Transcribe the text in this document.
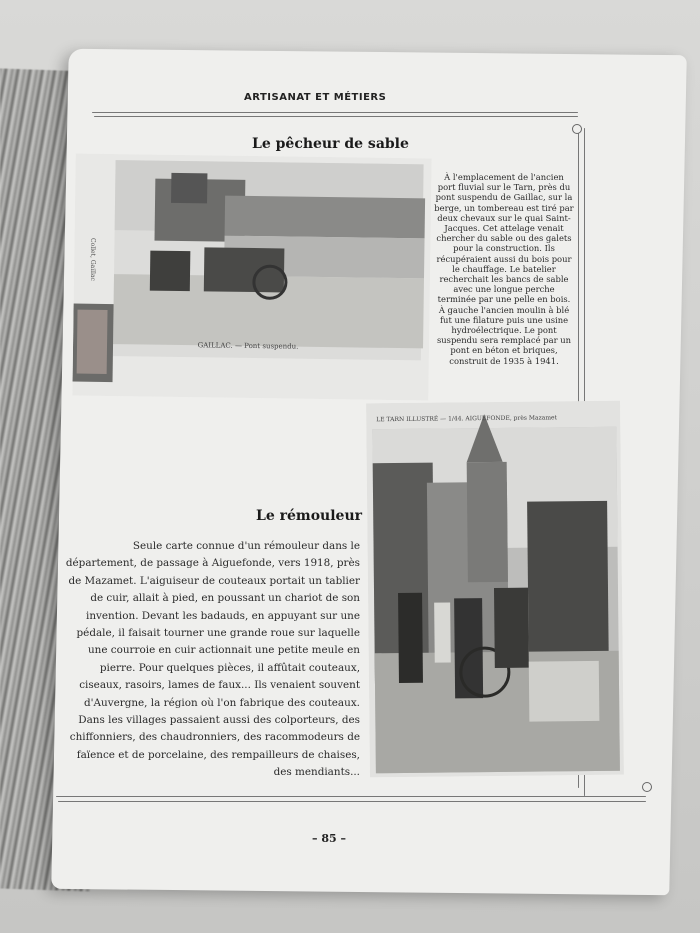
ARTISANAT ET MÉTIERS
Le pêcheur de sable
GAILLAC. — Pont suspendu.
Collet, Gaillac
À l'emplacement de l'ancien port fluvial sur le Tarn, près du pont suspendu de Gaillac, sur la berge, un tombereau est tiré par deux chevaux sur le quai Saint-Jacques. Cet attelage venait chercher du sable ou des galets pour la construction. Ils récupéraient aussi du bois pour le chauffage. Le batelier recherchait les bancs de sable avec une longue perche terminée par une pelle en bois. À gauche l'ancien moulin à blé fut une filature puis une usine hydroélectrique. Le pont suspendu sera remplacé par un pont en béton et briques, construit de 1935 à 1941.
Le rémouleur
LE TARN ILLUSTRÉ — 1/44. AIGUEFONDE, près Mazamet
Seule carte connue d'un rémouleur dans le département, de passage à Aiguefonde, vers 1918, près de Mazamet. L'aiguiseur de couteaux portait un tablier de cuir, allait à pied, en poussant un chariot de son invention. Devant les badauds, en appuyant sur une pédale, il faisait tourner une grande roue sur laquelle une courroie en cuir actionnait une petite meule en pierre. Pour quelques pièces, il affûtait couteaux, ciseaux, rasoirs, lames de faux... Ils venaient souvent d'Auvergne, la région où l'on fabrique des couteaux. Dans les villages passaient aussi des colporteurs, des chiffonniers, des chaudronniers, des racommodeurs de faïence et de porcelaine, des rempailleurs de chaises, des mendiants...
– 85 –
